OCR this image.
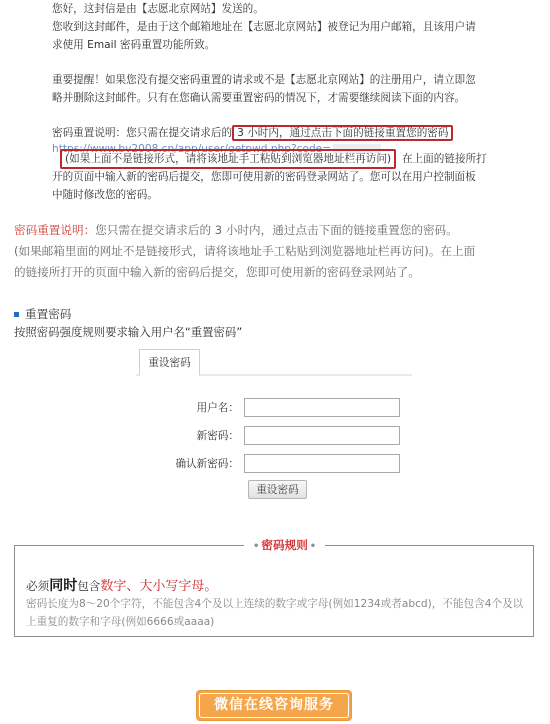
您好，这封信是由【志愿北京网站】发送的。

您收到这封邮件，是由于这个邮箱地址在【志愿北京网站】被登记为用户邮箱，且该用户请

求使用 Email 密码重置功能所致。

重要提醒！如果您没有提交密码重置的请求或不是【志愿北京网站】的注册用户，请立即忽

略并删除这封邮件。只有在您确认需要重置密码的情况下，才需要继续阅读下面的内容。

密码重置说明：您只需在提交请求后的 3 小时内，通过点击下面的链接重置您的密码

https://www.bv2008.cn/app/user/getpwd.php?code=

(如果上面不是链接形式，请将该地址手工粘贴到浏览器地址栏再访问)	在上面的链接所打

开的页面中输入新的密码后提交，您即可使用新的密码登录网站了。您可以在用户控制面板

中随时修改您的密码。

密码重置说明：您只需在提交请求后的 3 小时内，通过点击下面的链接重置您的密码。
(如果邮箱里面的网址不是链接形式，请将该地址手工粘贴到浏览器地址栏再访问)。在上面
的链接所打开的页面中输入新的密码后提交，您即可使用新的密码登录网站了。
重置密码
按照密码强度规则要求输入用户名“重置密码”
重设密码
用户名：
新密码：
确认新密码：
重设密码
• 密码规则 •
必须同时包含数字、大小写字母。
密码长度为8～20个字符，不能包含4个及以上连续的数字或字母(例如1234或者abcd)，不能包含4个及以上重复的数字和字母(例如6666或aaaa)
微信在线咨询服务
